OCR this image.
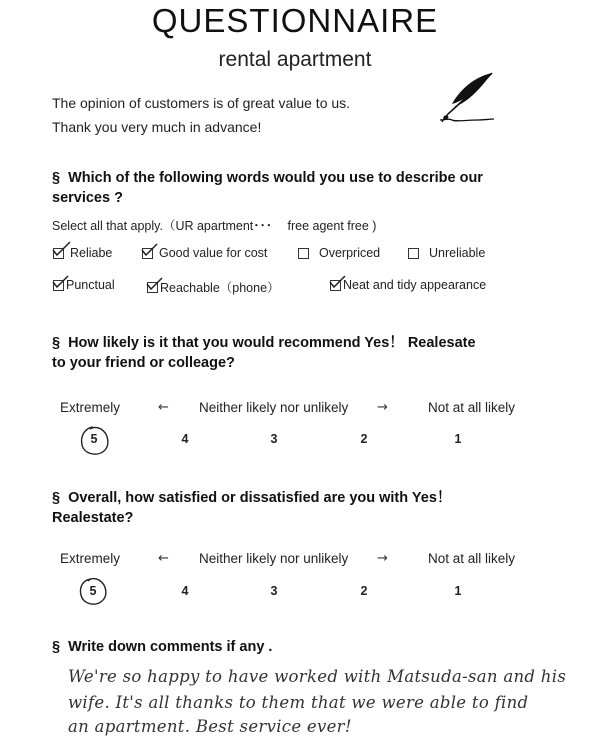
QUESTIONNAIRE
rental apartment
The opinion of customers is of great value to us.
Thank you very much in advance!
§ Which of the following words would you use to describe our
services ?
Select all that apply.（UR apartment･･･ free agent free )
Reliabe	Good value for cost	Overpriced	Unreliable
Punctual	Reachable（phone）	Neat and tidy appearance
§ How likely is it that you would recommend Yes！ Realesate
to your friend or colleage?
Extremely	← Neither likely nor unlikely →	Not at all likely
5	4	3	2	1
§ Overall, how satisfied or dissatisfied are you with Yes！
Realestate?
Extremely	← Neither likely nor unlikely →	Not at all likely
5	4	3	2	1
§ Write down comments if any .
We're so happy to have worked with Matsuda-san and his
wife. It's all thanks to them that we were able to find
an apartment. Best service ever!
